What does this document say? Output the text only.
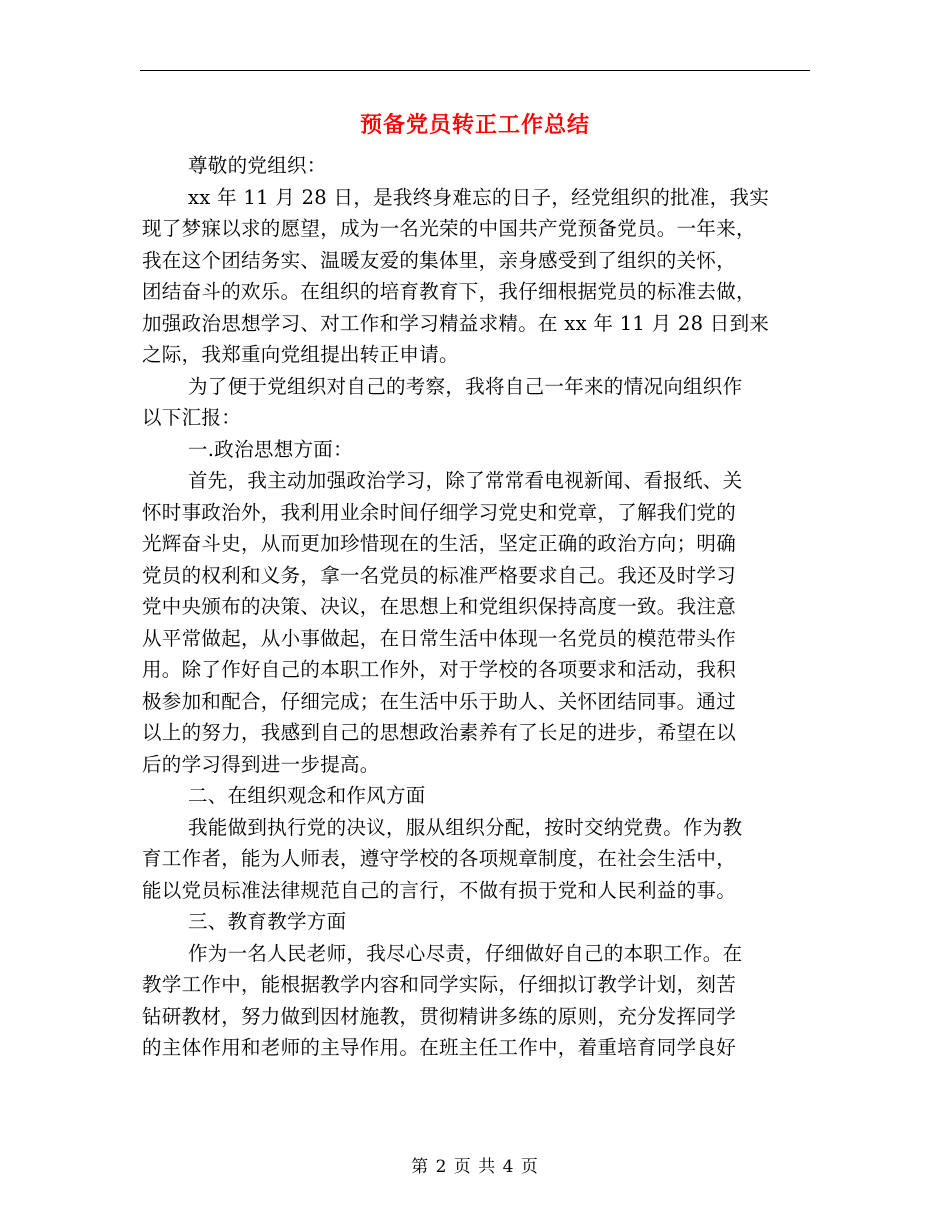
预备党员转正工作总结
尊敬的党组织：
xx 年 11 月 28 日，是我终身难忘的日子，经党组织的批准，我实
现了梦寐以求的愿望，成为一名光荣的中国共产党预备党员。一年来，
我在这个团结务实、温暖友爱的集体里，亲身感受到了组织的关怀，
团结奋斗的欢乐。在组织的培育教育下，我仔细根据党员的标准去做，
加强政治思想学习、对工作和学习精益求精。在 xx 年 11 月 28 日到来
之际，我郑重向党组提出转正申请。
为了便于党组织对自己的考察，我将自己一年来的情况向组织作
以下汇报：
一.政治思想方面：
首先，我主动加强政治学习，除了常常看电视新闻、看报纸、关
怀时事政治外，我利用业余时间仔细学习党史和党章，了解我们党的
光辉奋斗史，从而更加珍惜现在的生活，坚定正确的政治方向；明确
党员的权利和义务，拿一名党员的标准严格要求自己。我还及时学习
党中央颁布的决策、决议，在思想上和党组织保持高度一致。我注意
从平常做起，从小事做起，在日常生活中体现一名党员的模范带头作
用。除了作好自己的本职工作外，对于学校的各项要求和活动，我积
极参加和配合，仔细完成；在生活中乐于助人、关怀团结同事。通过
以上的努力，我感到自己的思想政治素养有了长足的进步，希望在以
后的学习得到进一步提高。
二、在组织观念和作风方面
我能做到执行党的决议，服从组织分配，按时交纳党费。作为教
育工作者，能为人师表，遵守学校的各项规章制度，在社会生活中，
能以党员标准法律规范自己的言行，不做有损于党和人民利益的事。
三、教育教学方面
作为一名人民老师，我尽心尽责，仔细做好自己的本职工作。在
教学工作中，能根据教学内容和同学实际，仔细拟订教学计划，刻苦
钻研教材，努力做到因材施教，贯彻精讲多练的原则，充分发挥同学
的主体作用和老师的主导作用。在班主任工作中，着重培育同学良好
第 2 页 共 4 页
